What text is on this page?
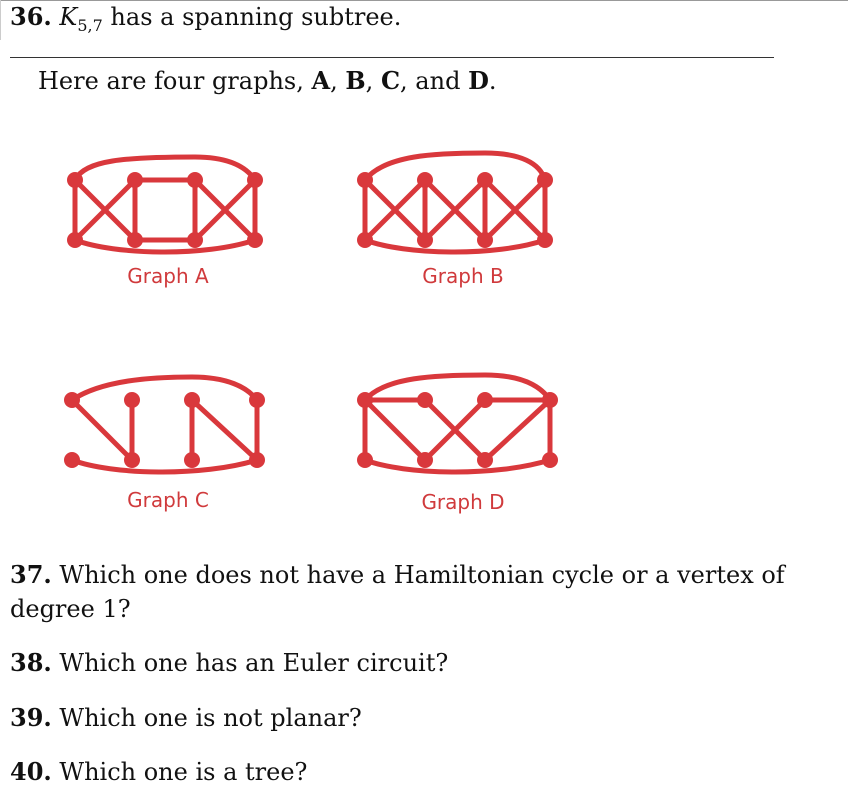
36. $K_{5,7}$ has a spanning subtree.
Here are four graphs, A, B, C, and D.
Graph A	Graph B
Graph C	Graph D
37. Which one does not have a Hamiltonian cycle or a vertex of degree 1?
38. Which one has an Euler circuit?
39. Which one is not planar?
40. Which one is a tree?
